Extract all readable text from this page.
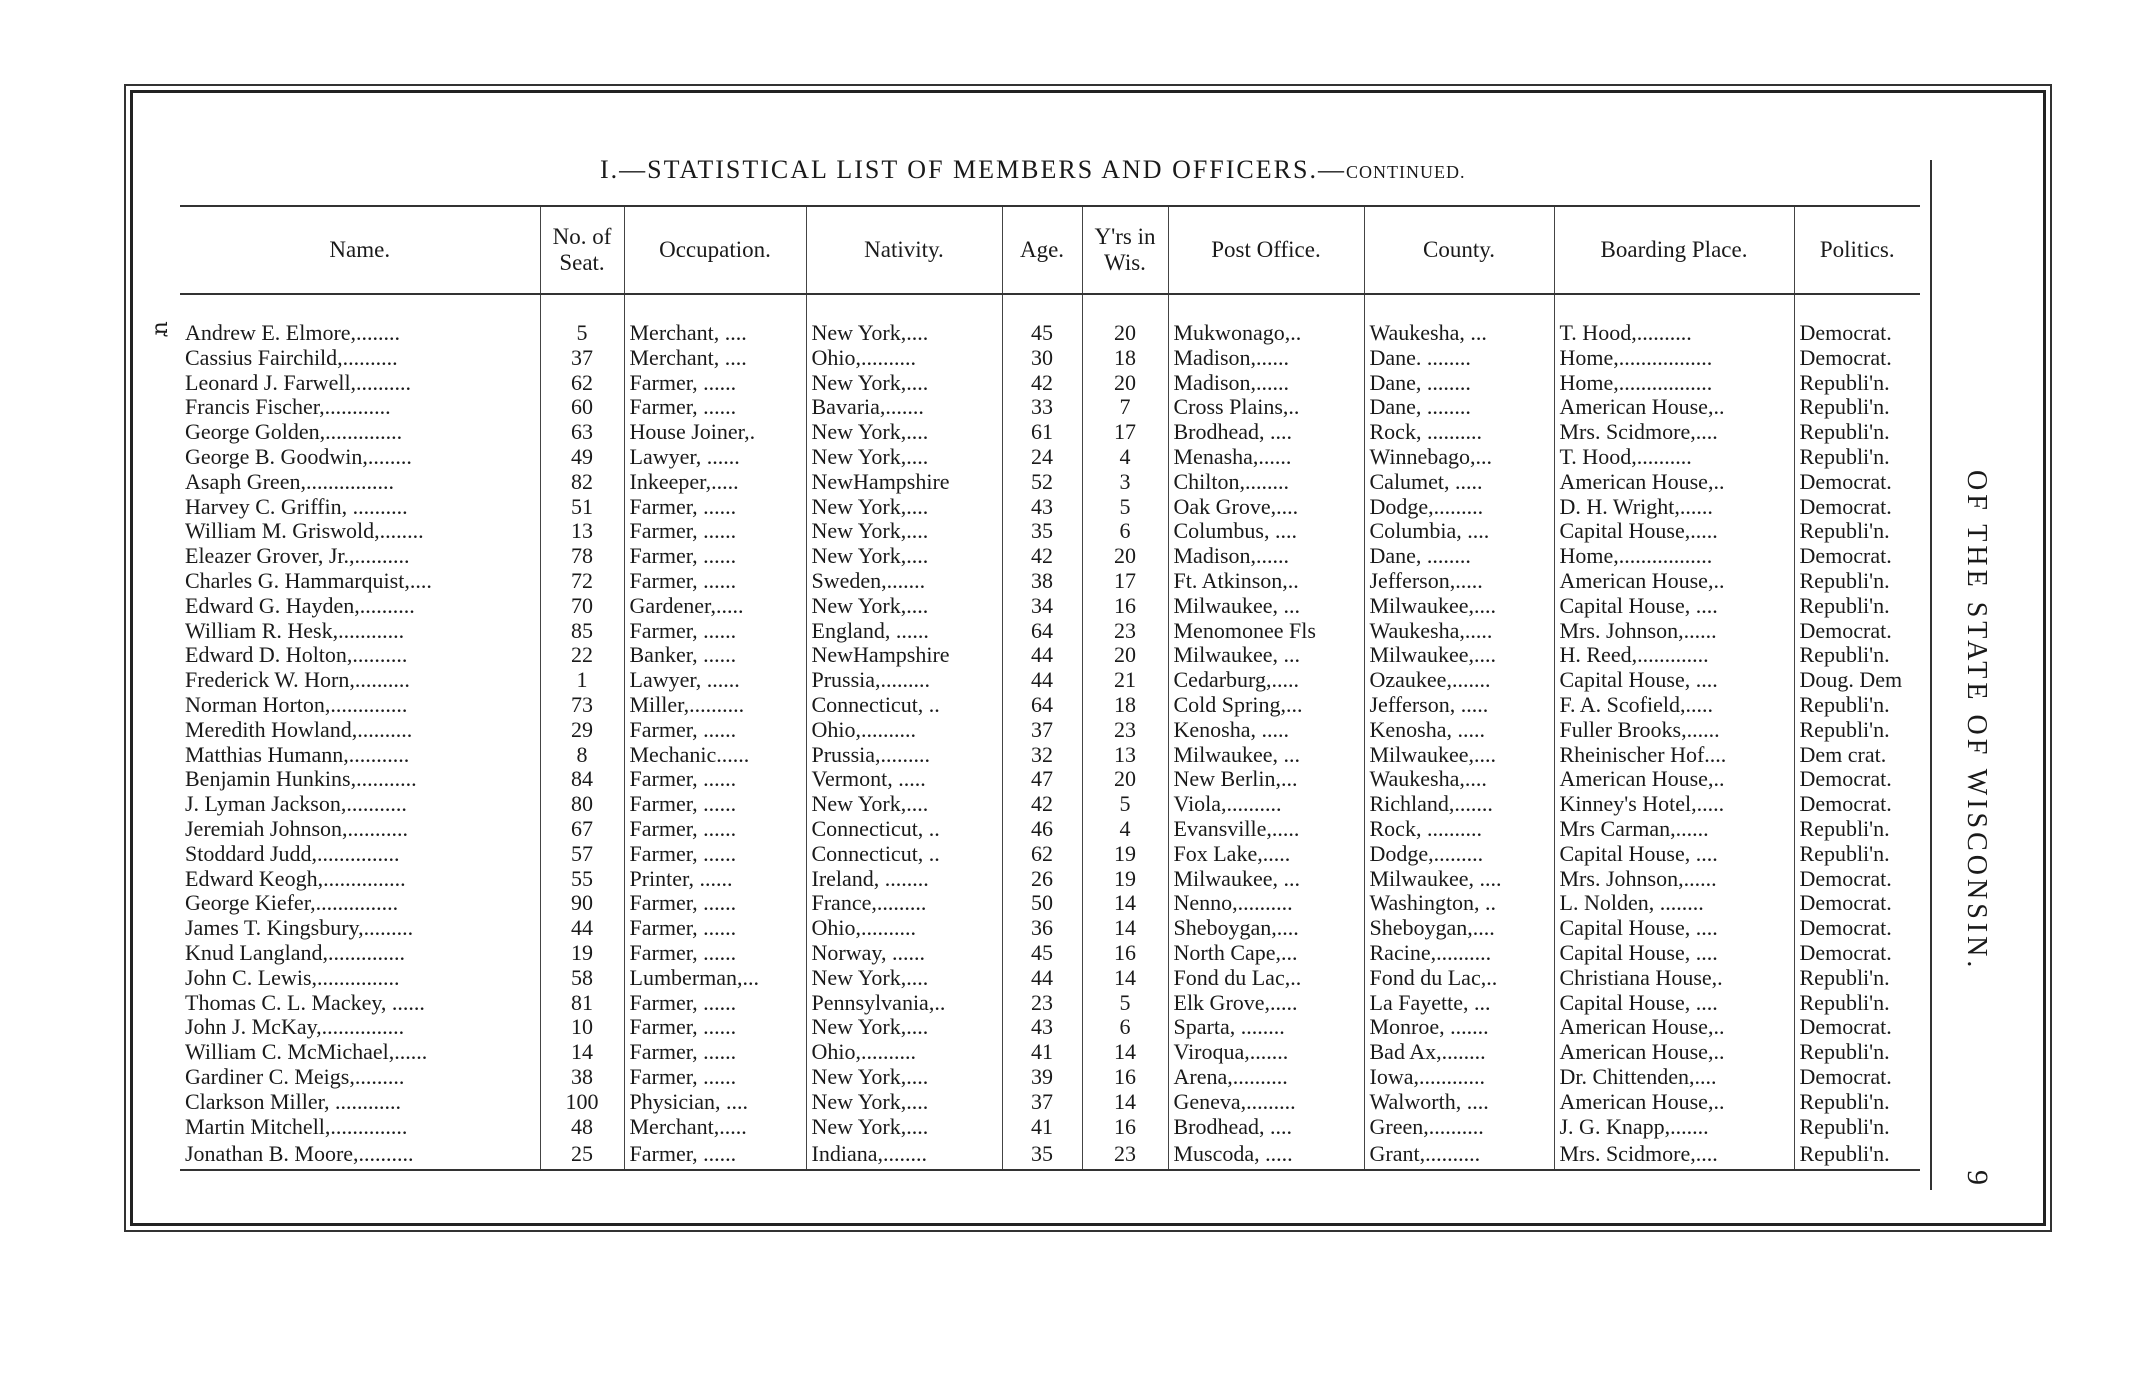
I.—STATISTICAL LIST OF MEMBERS AND OFFICERS.—CONTINUED.
ư
Name.	No. of Seat.	Occupation.	Nativity.	Age.	Y'rs in Wis.	Post Office.	County.	Boarding Place.	Politics.

Andrew E. Elmore,........	5	Merchant, ....	New York,....	45	20	Mukwonago,..	Waukesha, ...	T. Hood,..........	Democrat.
Cassius Fairchild,..........	37	Merchant, ....	Ohio,..........	30	18	Madison,......	Dane. ........	Home,.................	Democrat.
Leonard J. Farwell,..........	62	Farmer, ......	New York,....	42	20	Madison,......	Dane, ........	Home,.................	Republi'n.
Francis Fischer,............	60	Farmer, ......	Bavaria,.......	33	7	Cross Plains,..	Dane, ........	American House,..	Republi'n.
George Golden,..............	63	House Joiner,.	New York,....	61	17	Brodhead, ....	Rock, ..........	Mrs. Scidmore,....	Republi'n.
George B. Goodwin,........	49	Lawyer, ......	New York,....	24	4	Menasha,......	Winnebago,...	T. Hood,..........	Republi'n.
Asaph Green,................	82	Inkeeper,.....	NewHampshire	52	3	Chilton,........	Calumet, .....	American House,..	Democrat.
Harvey C. Griffin, ..........	51	Farmer, ......	New York,....	43	5	Oak Grove,....	Dodge,.........	D. H. Wright,......	Democrat.
William M. Griswold,........	13	Farmer, ......	New York,....	35	6	Columbus, ....	Columbia, ....	Capital House,.....	Republi'n.
Eleazer Grover, Jr.,..........	78	Farmer, ......	New York,....	42	20	Madison,......	Dane, ........	Home,.................	Democrat.
Charles G. Hammarquist,....	72	Farmer, ......	Sweden,.......	38	17	Ft. Atkinson,..	Jefferson,.....	American House,..	Republi'n.
Edward G. Hayden,..........	70	Gardener,.....	New York,....	34	16	Milwaukee, ...	Milwaukee,....	Capital House, ....	Republi'n.
William R. Hesk,............	85	Farmer, ......	England, ......	64	23	Menomonee Fls	Waukesha,.....	Mrs. Johnson,......	Democrat.
Edward D. Holton,..........	22	Banker, ......	NewHampshire	44	20	Milwaukee, ...	Milwaukee,....	H. Reed,.............	Republi'n.
Frederick W. Horn,..........	1	Lawyer, ......	Prussia,.........	44	21	Cedarburg,.....	Ozaukee,.......	Capital House, ....	Doug. Dem
Norman Horton,..............	73	Miller,..........	Connecticut, ..	64	18	Cold Spring,...	Jefferson, .....	F. A. Scofield,.....	Republi'n.
Meredith Howland,..........	29	Farmer, ......	Ohio,..........	37	23	Kenosha, .....	Kenosha, .....	Fuller Brooks,......	Republi'n.
Matthias Humann,...........	8	Mechanic......	Prussia,.........	32	13	Milwaukee, ...	Milwaukee,....	Rheinischer Hof....	Dem crat.
Benjamin Hunkins,...........	84	Farmer, ......	Vermont, .....	47	20	New Berlin,...	Waukesha,....	American House,..	Democrat.
J. Lyman Jackson,...........	80	Farmer, ......	New York,....	42	5	Viola,..........	Richland,.......	Kinney's Hotel,.....	Democrat.
Jeremiah Johnson,...........	67	Farmer, ......	Connecticut, ..	46	4	Evansville,.....	Rock, ..........	Mrs Carman,......	Republi'n.
Stoddard Judd,...............	57	Farmer, ......	Connecticut, ..	62	19	Fox Lake,.....	Dodge,.........	Capital House, ....	Republi'n.
Edward Keogh,...............	55	Printer, ......	Ireland, ........	26	19	Milwaukee, ...	Milwaukee, ....	Mrs. Johnson,......	Democrat.
George Kiefer,...............	90	Farmer, ......	France,.........	50	14	Nenno,..........	Washington, ..	L. Nolden, ........	Democrat.
James T. Kingsbury,.........	44	Farmer, ......	Ohio,..........	36	14	Sheboygan,....	Sheboygan,....	Capital House, ....	Democrat.
Knud Langland,..............	19	Farmer, ......	Norway, ......	45	16	North Cape,...	Racine,..........	Capital House, ....	Democrat.
John C. Lewis,...............	58	Lumberman,...	New York,....	44	14	Fond du Lac,..	Fond du Lac,..	Christiana House,.	Republi'n.
Thomas C. L. Mackey, ......	81	Farmer, ......	Pennsylvania,..	23	5	Elk Grove,.....	La Fayette, ...	Capital House, ....	Republi'n.
John J. McKay,...............	10	Farmer, ......	New York,....	43	6	Sparta, ........	Monroe, .......	American House,..	Democrat.
William C. McMichael,......	14	Farmer, ......	Ohio,..........	41	14	Viroqua,.......	Bad Ax,........	American House,..	Republi'n.
Gardiner C. Meigs,.........	38	Farmer, ......	New York,....	39	16	Arena,..........	Iowa,............	Dr. Chittenden,....	Democrat.
Clarkson Miller, ............	100	Physician, ....	New York,....	37	14	Geneva,.........	Walworth, ....	American House,..	Republi'n.
Martin Mitchell,..............	48	Merchant,.....	New York,....	41	16	Brodhead, ....	Green,..........	J. G. Knapp,.......	Republi'n.
Jonathan B. Moore,..........	25	Farmer, ......	Indiana,........	35	23	Muscoda, .....	Grant,..........	Mrs. Scidmore,....	Republi'n.
OF THE STATE OF WISCONSIN.
9
